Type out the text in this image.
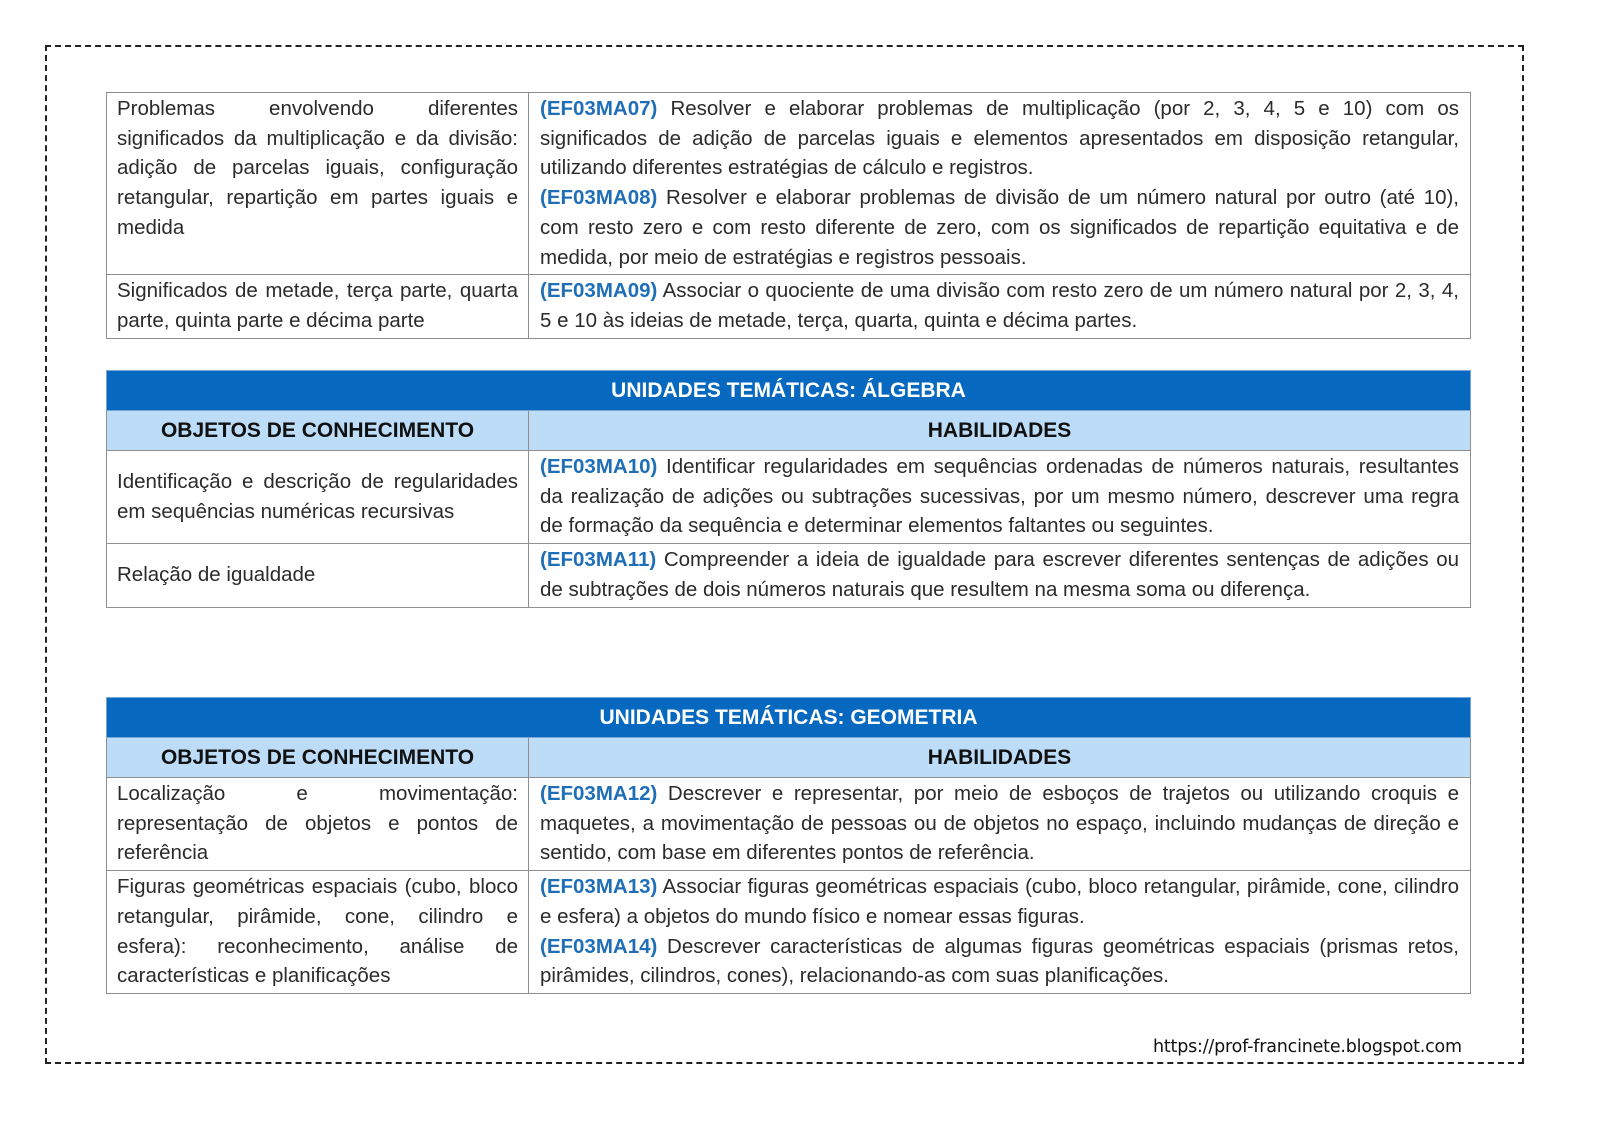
Problemas envolvendo diferentes significados da multiplicação e da divisão: adição de parcelas iguais, configuração retangular, repartição em partes iguais e medida	(EF03MA07) Resolver e elaborar problemas de multiplicação (por 2, 3, 4, 5 e 10) com os significados de adição de parcelas iguais e elementos apresentados em disposição retangular, utilizando diferentes estratégias de cálculo e registros.

(EF03MA08) Resolver e elaborar problemas de divisão de um número natural por outro (até 10), com resto zero e com resto diferente de zero, com os significados de repartição equitativa e de medida, por meio de estratégias e registros pessoais.

Significados de metade, terça parte, quarta parte, quinta parte e décima parte	(EF03MA09) Associar o quociente de uma divisão com resto zero de um número natural por 2, 3, 4, 5 e 10 às ideias de metade, terça, quarta, quinta e décima partes.

UNIDADES TEMÁTICAS: ÁLGEBRA	
OBJETOS DE CONHECIMENTO	HABILIDADES
Identificação e descrição de regularidades em sequências numéricas recursivas	(EF03MA10) Identificar regularidades em sequências ordenadas de números naturais, resultantes da realização de adições ou subtrações sucessivas, por um mesmo número, descrever uma regra de formação da sequência e determinar elementos faltantes ou seguintes.

Relação de igualdade	(EF03MA11) Compreender a ideia de igualdade para escrever diferentes sentenças de adições ou de subtrações de dois números naturais que resultem na mesma soma ou diferença.

UNIDADES TEMÁTICAS: GEOMETRIA	
OBJETOS DE CONHECIMENTO	HABILIDADES
Localização e movimentação: representação de objetos e pontos de referência	(EF03MA12) Descrever e representar, por meio de esboços de trajetos ou utilizando croquis e maquetes, a movimentação de pessoas ou de objetos no espaço, incluindo mudanças de direção e sentido, com base em diferentes pontos de referência.

Figuras geométricas espaciais (cubo, bloco retangular, pirâmide, cone, cilindro e esfera): reconhecimento, análise de características e planificações	(EF03MA13) Associar figuras geométricas espaciais (cubo, bloco retangular, pirâmide, cone, cilindro e esfera) a objetos do mundo físico e nomear essas figuras.

(EF03MA14) Descrever características de algumas figuras geométricas espaciais (prismas retos, pirâmides, cilindros, cones), relacionando-as com suas planificações.

https://prof-francinete.blogspot.com
